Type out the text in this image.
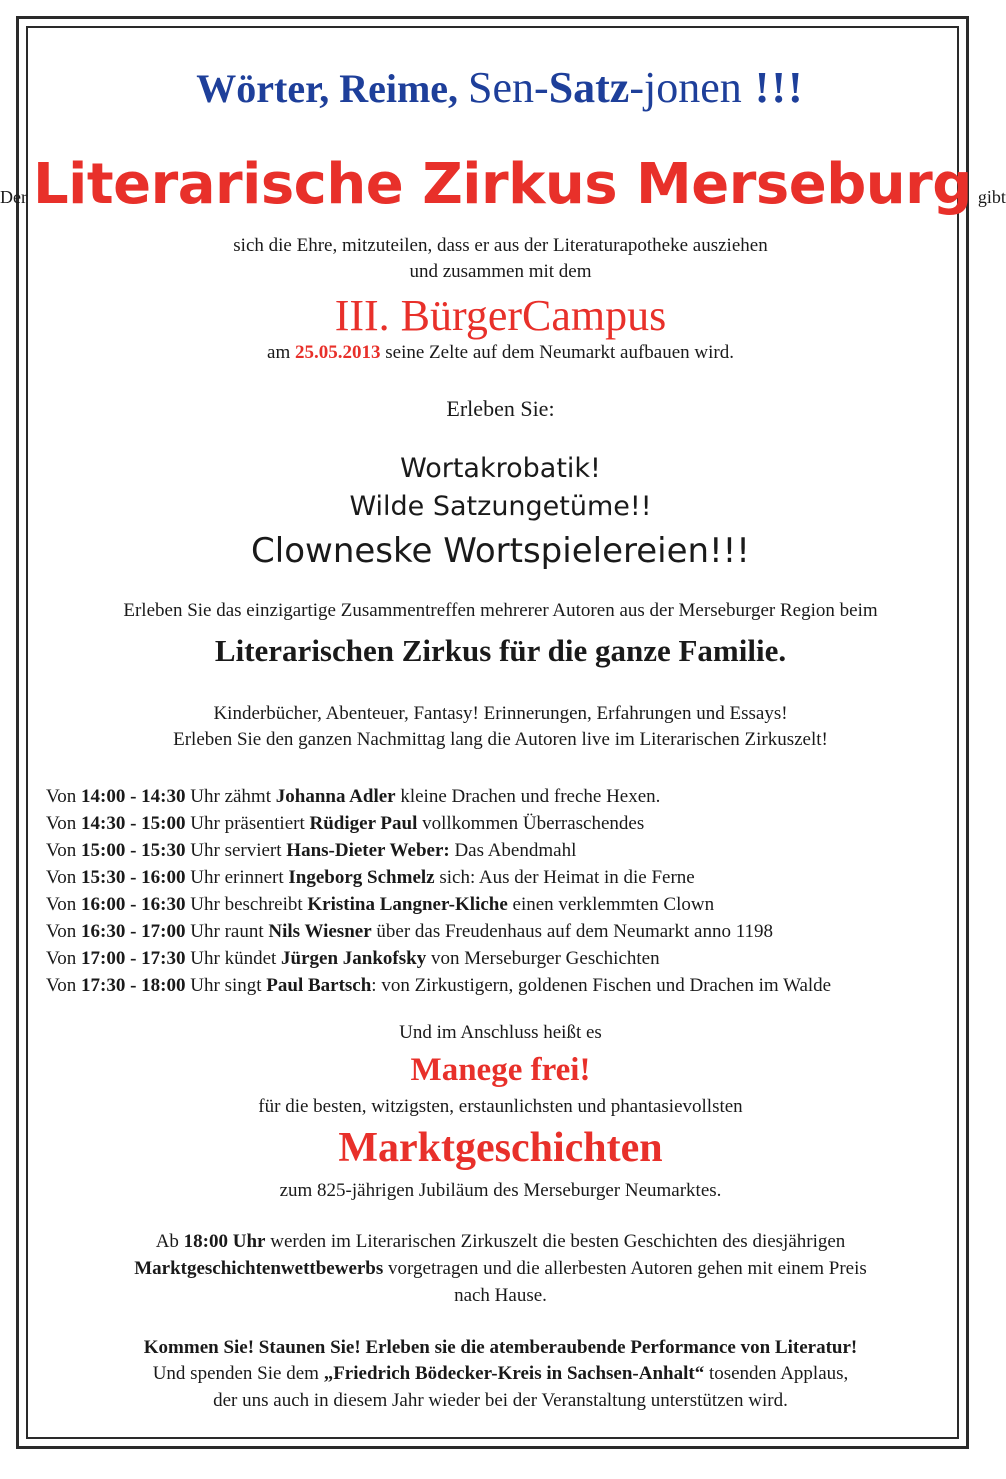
Wörter, Reime, Sen-Satz-jonen !!!
Der Literarische Zirkus Merseburg gibt
sich die Ehre, mitzuteilen, dass er aus der Literaturapotheke ausziehen
und zusammen mit dem
III. BürgerCampus
am 25.05.2013 seine Zelte auf dem Neumarkt aufbauen wird.
Erleben Sie:
Wortakrobatik!
Wilde Satzungetüme!!
Clowneske Wortspielereien!!!
Erleben Sie das einzigartige Zusammentreffen mehrerer Autoren aus der Merseburger Region beim
Literarischen Zirkus für die ganze Familie.
Kinderbücher, Abenteuer, Fantasy! Erinnerungen, Erfahrungen und Essays!
Erleben Sie den ganzen Nachmittag lang die Autoren live im Literarischen Zirkuszelt!
Von 14:00 - 14:30 Uhr zähmt Johanna Adler kleine Drachen und freche Hexen.
Von 14:30 - 15:00 Uhr präsentiert Rüdiger Paul vollkommen Überraschendes
Von 15:00 - 15:30 Uhr serviert Hans-Dieter Weber: Das Abendmahl
Von 15:30 - 16:00 Uhr erinnert Ingeborg Schmelz sich: Aus der Heimat in die Ferne
Von 16:00 - 16:30 Uhr beschreibt Kristina Langner-Kliche einen verklemmten Clown
Von 16:30 - 17:00 Uhr raunt Nils Wiesner über das Freudenhaus auf dem Neumarkt anno 1198
Von 17:00 - 17:30 Uhr kündet Jürgen Jankofsky von Merseburger Geschichten
Von 17:30 - 18:00 Uhr singt Paul Bartsch: von Zirkustigern, goldenen Fischen und Drachen im Walde
Und im Anschluss heißt es
Manege frei!
für die besten, witzigsten, erstaunlichsten und phantasievollsten
Marktgeschichten
zum 825-jährigen Jubiläum des Merseburger Neumarktes.
Ab 18:00 Uhr werden im Literarischen Zirkuszelt die besten Geschichten des diesjährigen
Marktgeschichtenwettbewerbs vorgetragen und die allerbesten Autoren gehen mit einem Preis
nach Hause.
Kommen Sie! Staunen Sie! Erleben sie die atemberaubende Performance von Literatur!
Und spenden Sie dem „Friedrich Bödecker-Kreis in Sachsen-Anhalt“ tosenden Applaus,
der uns auch in diesem Jahr wieder bei der Veranstaltung unterstützen wird.
